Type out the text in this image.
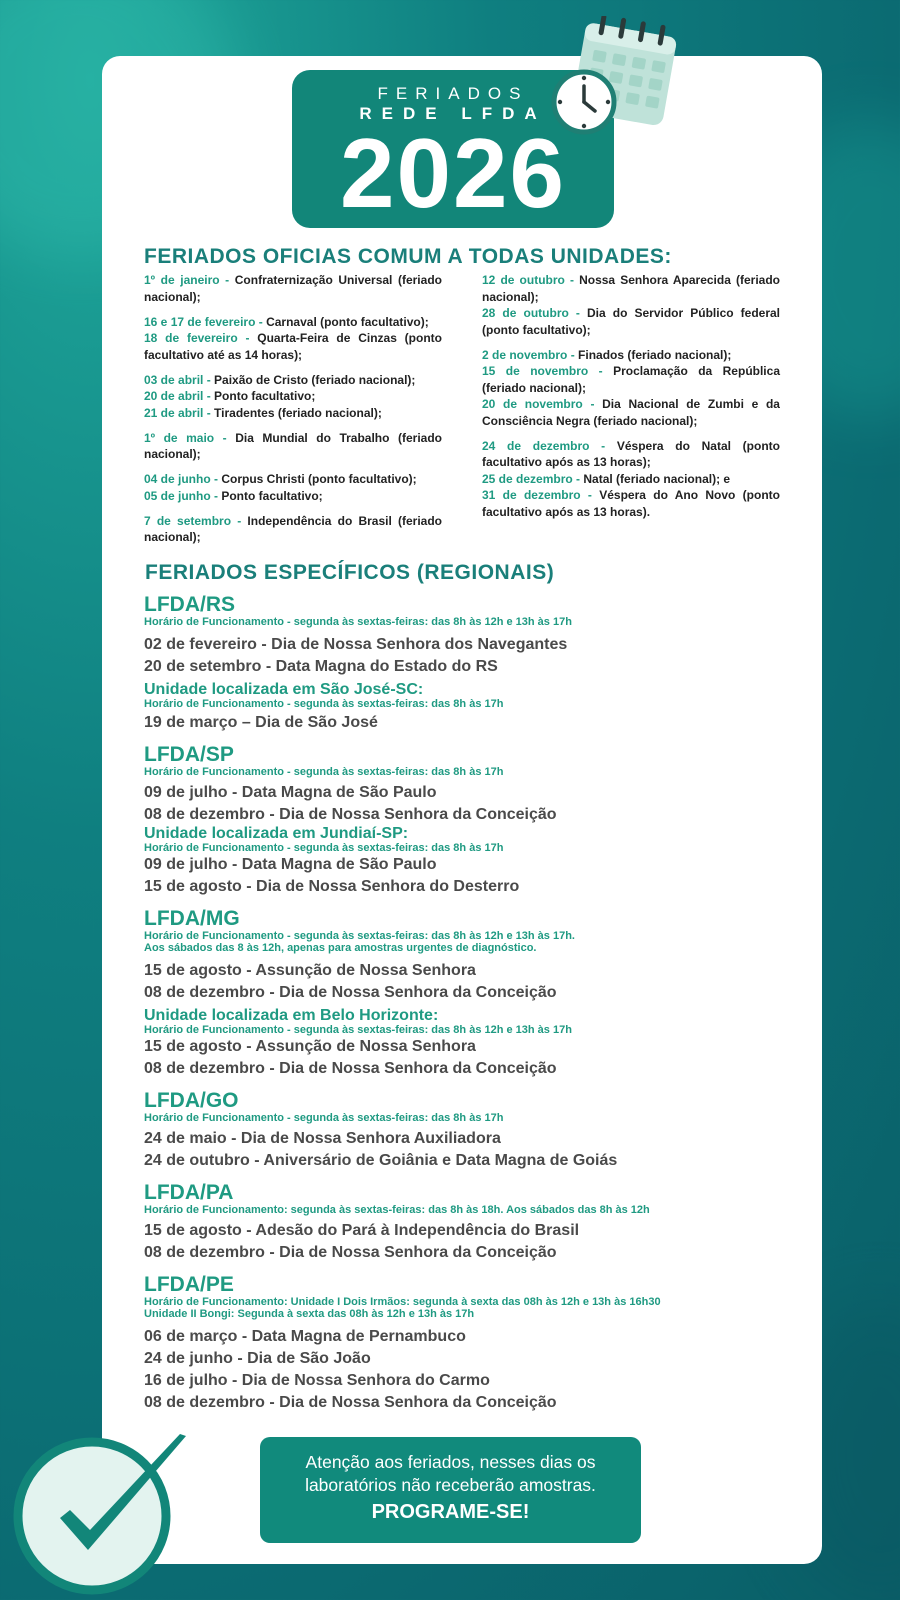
FERIADOS
REDE LFDA
2026
FERIADOS OFICIAS COMUM A TODAS UNIDADES:

1º de janeiro - Confraternização Universal (feriado nacional);

16 e 17 de fevereiro - Carnaval (ponto facultativo);
18 de fevereiro - Quarta-Feira de Cinzas (ponto facultativo até as 14 horas);

03 de abril - Paixão de Cristo (feriado nacional);
20 de abril - Ponto facultativo;
21 de abril - Tiradentes (feriado nacional);

1º de maio - Dia Mundial do Trabalho (feriado nacional);

04 de junho - Corpus Christi (ponto facultativo);
05 de junho - Ponto facultativo;

7 de setembro - Independência do Brasil (feriado nacional);

12 de outubro - Nossa Senhora Aparecida (feriado nacional);
28 de outubro - Dia do Servidor Público federal (ponto facultativo);

2 de novembro - Finados (feriado nacional);
15 de novembro - Proclamação da República (feriado nacional);
20 de novembro - Dia Nacional de Zumbi e da Consciência Negra (feriado nacional);

24 de dezembro - Véspera do Natal (ponto facultativo após as 13 horas);
25 de dezembro - Natal (feriado nacional); e
31 de dezembro - Véspera do Ano Novo (ponto facultativo após as 13 horas).

FERIADOS ESPECÍFICOS (REGIONAIS)
LFDA/RS
Horário de Funcionamento - segunda às sextas-feiras: das 8h às 12h e 13h às 17h
02 de fevereiro - Dia de Nossa Senhora dos Navegantes
20 de setembro - Data Magna do Estado do RS
Unidade localizada em São José-SC:
Horário de Funcionamento - segunda às sextas-feiras: das 8h às 17h
19 de março – Dia de São José
LFDA/SP
Horário de Funcionamento - segunda às sextas-feiras: das 8h às 17h
09 de julho - Data Magna de São Paulo
08 de dezembro - Dia de Nossa Senhora da Conceição
Unidade localizada em Jundiaí-SP:
Horário de Funcionamento - segunda às sextas-feiras: das 8h às 17h
09 de julho - Data Magna de São Paulo
15 de agosto - Dia de Nossa Senhora do Desterro
LFDA/MG
Horário de Funcionamento - segunda às sextas-feiras: das 8h às 12h e 13h às 17h.
Aos sábados das 8 às 12h, apenas para amostras urgentes de diagnóstico.
15 de agosto - Assunção de Nossa Senhora
08 de dezembro - Dia de Nossa Senhora da Conceição
Unidade localizada em Belo Horizonte:
Horário de Funcionamento - segunda às sextas-feiras: das 8h às 12h e 13h às 17h
15 de agosto - Assunção de Nossa Senhora
08 de dezembro - Dia de Nossa Senhora da Conceição
LFDA/GO
Horário de Funcionamento - segunda às sextas-feiras: das 8h às 17h
24 de maio - Dia de Nossa Senhora Auxiliadora
24 de outubro - Aniversário de Goiânia e Data Magna de Goiás
LFDA/PA
Horário de Funcionamento: segunda às sextas-feiras: das 8h às 18h. Aos sábados das 8h às 12h
15 de agosto - Adesão do Pará à Independência do Brasil
08 de dezembro - Dia de Nossa Senhora da Conceição
LFDA/PE
Horário de Funcionamento: Unidade I Dois Irmãos: segunda à sexta das 08h às 12h e 13h às 16h30
Unidade II Bongi: Segunda à sexta das 08h às 12h e 13h às 17h
06 de março - Data Magna de Pernambuco
24 de junho - Dia de São João
16 de julho - Dia de Nossa Senhora do Carmo
08 de dezembro - Dia de Nossa Senhora da Conceição
Atenção aos feriados, nesses dias os
laboratórios não receberão amostras.
PROGRAME-SE!
